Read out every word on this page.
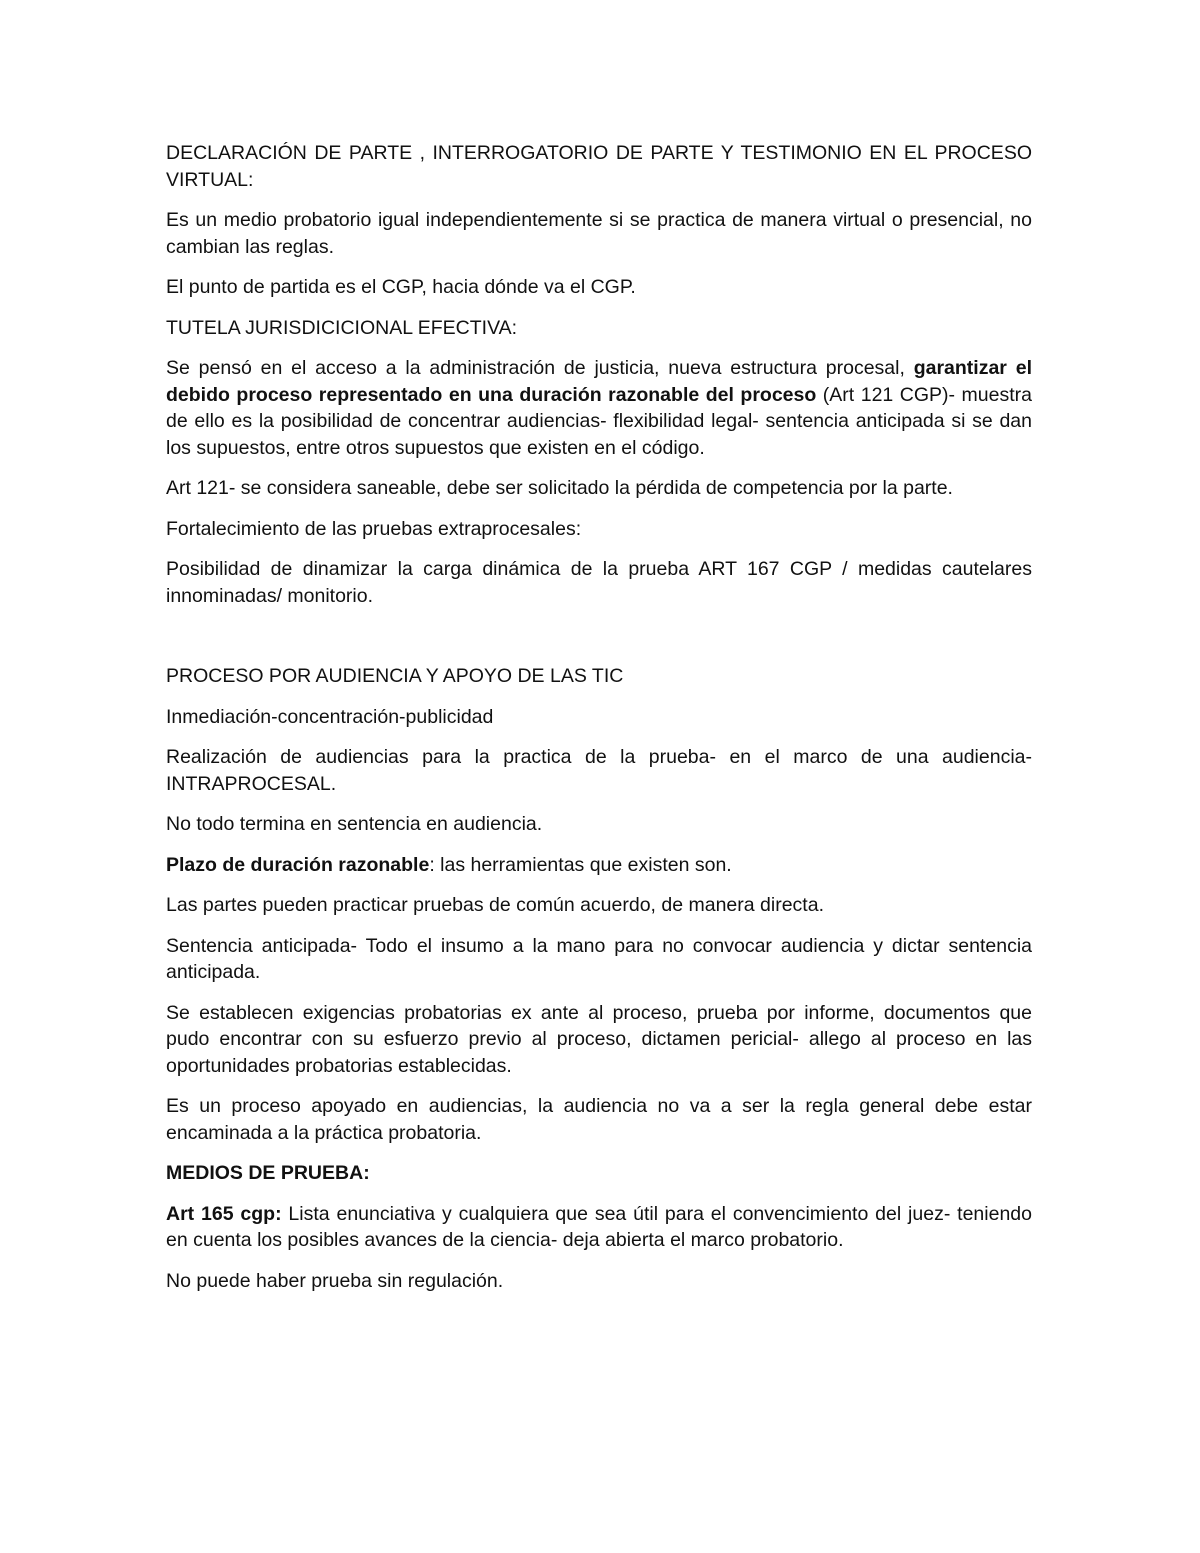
DECLARACIÓN DE PARTE , INTERROGATORIO DE PARTE Y TESTIMONIO EN EL PROCESO VIRTUAL:

Es un medio probatorio igual independientemente si se practica de manera virtual o presencial, no cambian las reglas.

El punto de partida es el CGP, hacia dónde va el CGP.

TUTELA JURISDICICIONAL EFECTIVA:

Se pensó en el acceso a la administración de justicia, nueva estructura procesal, garantizar el debido proceso representado en una duración razonable del proceso (Art 121 CGP)- muestra de ello es la posibilidad de concentrar audiencias- flexibilidad legal- sentencia anticipada si se dan los supuestos, entre otros supuestos que existen en el código.

Art 121- se considera saneable, debe ser solicitado la pérdida de competencia por la parte.

Fortalecimiento de las pruebas extraprocesales:

Posibilidad de dinamizar la carga dinámica de la prueba ART 167 CGP / medidas cautelares innominadas/ monitorio.

PROCESO POR AUDIENCIA Y APOYO DE LAS TIC

Inmediación-concentración-publicidad

Realización de audiencias para la practica de la prueba- en el marco de una audiencia- INTRAPROCESAL.

No todo termina en sentencia en audiencia.

Plazo de duración razonable: las herramientas que existen son.

Las partes pueden practicar pruebas de común acuerdo, de manera directa.

Sentencia anticipada- Todo el insumo a la mano para no convocar audiencia y dictar sentencia anticipada.

Se establecen exigencias probatorias ex ante al proceso, prueba por informe, documentos que pudo encontrar con su esfuerzo previo al proceso, dictamen pericial- allego al proceso en las oportunidades probatorias establecidas.

Es un proceso apoyado en audiencias, la audiencia no va a ser la regla general debe estar encaminada a la práctica probatoria.

MEDIOS DE PRUEBA:

Art 165 cgp: Lista enunciativa y cualquiera que sea útil para el convencimiento del juez- teniendo en cuenta los posibles avances de la ciencia- deja abierta el marco probatorio.

No puede haber prueba sin regulación.
